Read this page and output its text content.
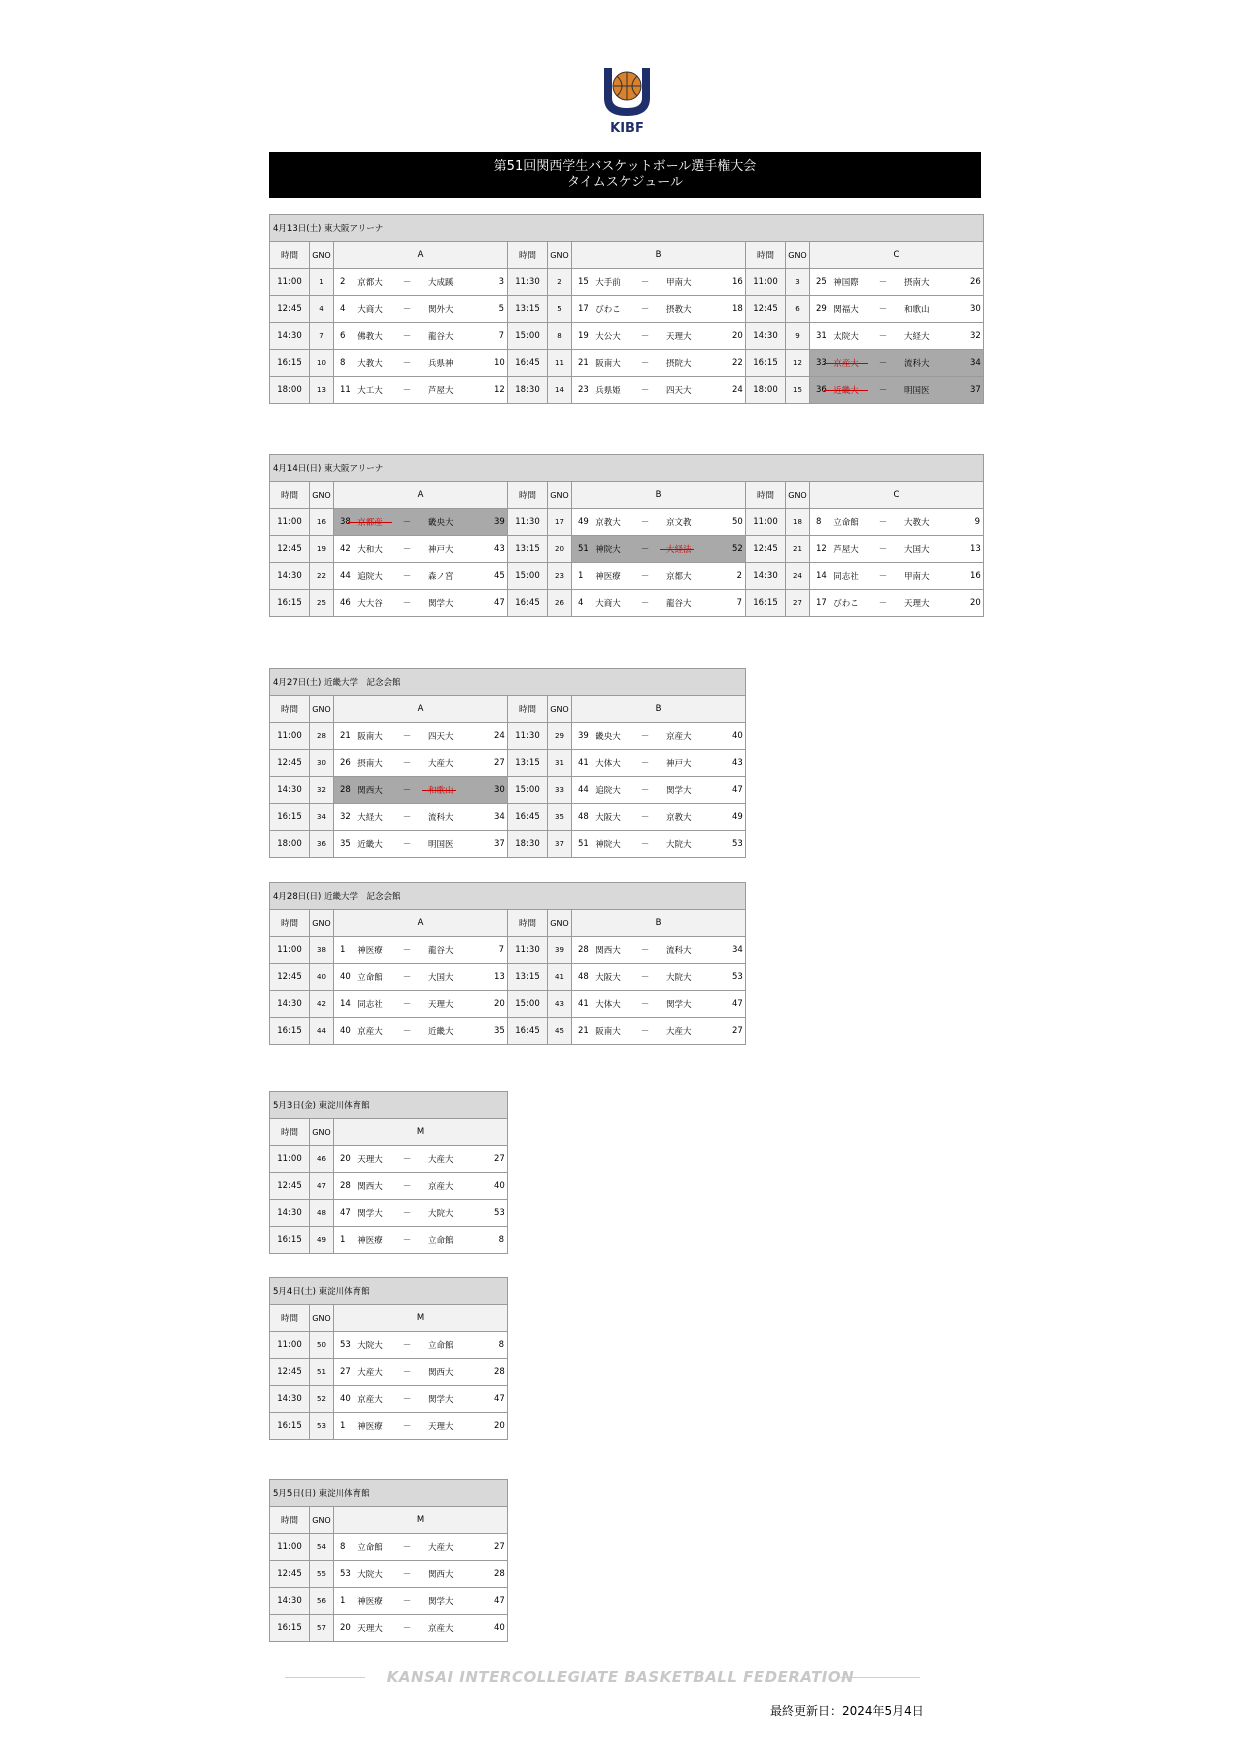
KIBF
第51回関西学生バスケットボール選手権大会
タイムスケジュール
4月13日(土) 東大阪アリーナ								
時間	GNO	A	時間	GNO	B	時間	GNO	C
11:00	1	2 京都大 － 大成蹊 3	11:30	2	15 大手前 － 甲南大 16	11:00	3	25 神国際 － 摂南大 26

12:45	4	4 大商大 － 関外大 5	13:15	5	17 びわこ － 摂教大 18	12:45	6	29 関福大 － 和歌山 30

14:30	7	6 佛教大 － 龍谷大 7	15:00	8	19 大公大 － 天理大 20	14:30	9	31 太院大 － 大経大 32

16:15	10	8 大教大 － 兵県神 10	16:45	11	21 阪南大 － 摂院大 22	16:15	12	33 京産大 － 流科大 34

18:00	13	11 大工大 － 芦屋大 12	18:30	14	23 兵県姫 － 四天大 24	18:00	15	36 近畿大 － 明国医 37
4月14日(日) 東大阪アリーナ								
時間	GNO	A	時間	GNO	B	時間	GNO	C
11:00	16	38 京都産 － 畿央大 39	11:30	17	49 京教大 － 京文教 50	11:00	18	8 立命館 － 大教大 9

12:45	19	42 大和大 － 神戸大 43	13:15	20	51 神院大 － 大経法 52	12:45	21	12 芦屋大 － 大国大 13

14:30	22	44 追院大 － 森ノ宮 45	15:00	23	1 神医療 － 京都大 2	14:30	24	14 同志社 － 甲南大 16

16:15	25	46 大大谷 － 関学大 47	16:45	26	4 大商大 － 龍谷大 7	16:15	27	17 びわこ － 天理大 20
4月27日(土) 近畿大学　記念会館					
時間	GNO	A	時間	GNO	B
11:00	28	21 阪南大 － 四天大 24	11:30	29	39 畿央大 － 京産大 40

12:45	30	26 摂南大 － 大産大 27	13:15	31	41 大体大 － 神戸大 43

14:30	32	28 関西大 － 和歌山 30	15:00	33	44 追院大 － 関学大 47

16:15	34	32 大経大 － 流科大 34	16:45	35	48 大阪大 － 京教大 49

18:00	36	35 近畿大 － 明国医 37	18:30	37	51 神院大 － 大院大 53
4月28日(日) 近畿大学　記念会館					
時間	GNO	A	時間	GNO	B
11:00	38	1 神医療 － 龍谷大 7	11:30	39	28 関西大 － 流科大 34

12:45	40	40 立命館 － 大国大 13	13:15	41	48 大阪大 － 大院大 53

14:30	42	14 同志社 － 天理大 20	15:00	43	41 大体大 － 関学大 47

16:15	44	40 京産大 － 近畿大 35	16:45	45	21 阪南大 － 大産大 27
5月3日(金) 東淀川体育館		
時間	GNO	M
11:00	46	20 天理大 － 大産大 27

12:45	47	28 関西大 － 京産大 40

14:30	48	47 関学大 － 大院大 53

16:15	49	1 神医療 － 立命館 8
5月4日(土) 東淀川体育館		
時間	GNO	M
11:00	50	53 大院大 － 立命館 8

12:45	51	27 大産大 － 関西大 28

14:30	52	40 京産大 － 関学大 47

16:15	53	1 神医療 － 天理大 20
5月5日(日) 東淀川体育館		
時間	GNO	M
11:00	54	8 立命館 － 大産大 27

12:45	55	53 大院大 － 関西大 28

14:30	56	1 神医療 － 関学大 47

16:15	57	20 天理大 － 京産大 40
KANSAI INTERCOLLEGIATE BASKETBALL FEDERATION
最終更新日：2024年5月4日
